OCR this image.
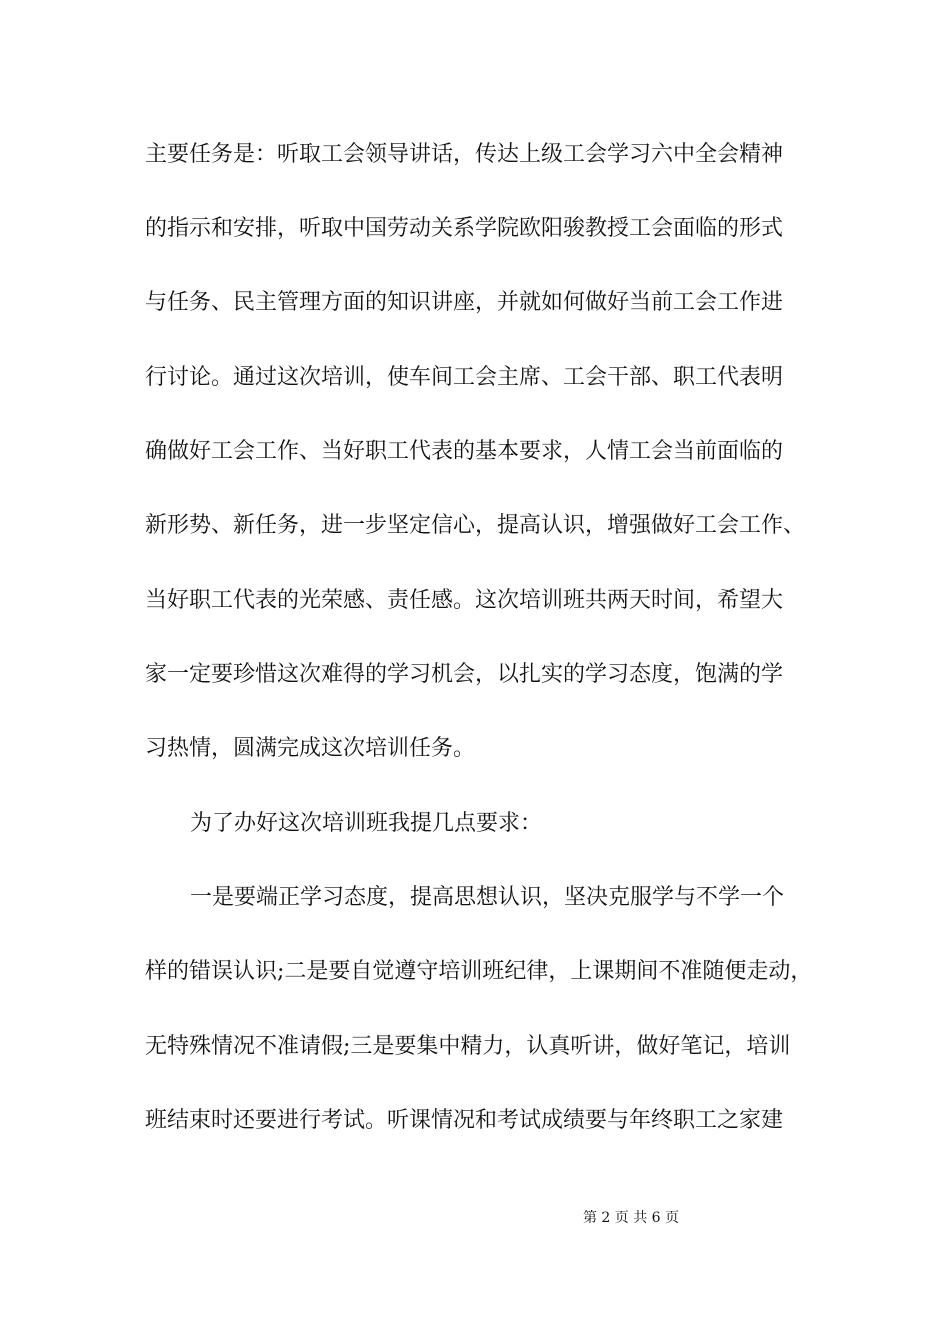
主要任务是：听取工会领导讲话，传达上级工会学习六中全会精神
的指示和安排，听取中国劳动关系学院欧阳骏教授工会面临的形式
与任务、民主管理方面的知识讲座，并就如何做好当前工会工作进
行讨论。通过这次培训，使车间工会主席、工会干部、职工代表明
确做好工会工作、当好职工代表的基本要求，人情工会当前面临的
新形势、新任务，进一步坚定信心，提高认识，增强做好工会工作、
当好职工代表的光荣感、责任感。这次培训班共两天时间，希望大
家一定要珍惜这次难得的学习机会，以扎实的学习态度，饱满的学
习热情，圆满完成这次培训任务。
为了办好这次培训班我提几点要求：
一是要端正学习态度，提高思想认识，坚决克服学与不学一个
样的错误认识;二是要自觉遵守培训班纪律，上课期间不准随便走动，
无特殊情况不准请假;三是要集中精力，认真听讲，做好笔记，培训
班结束时还要进行考试。听课情况和考试成绩要与年终职工之家建
第 2 页 共 6 页
